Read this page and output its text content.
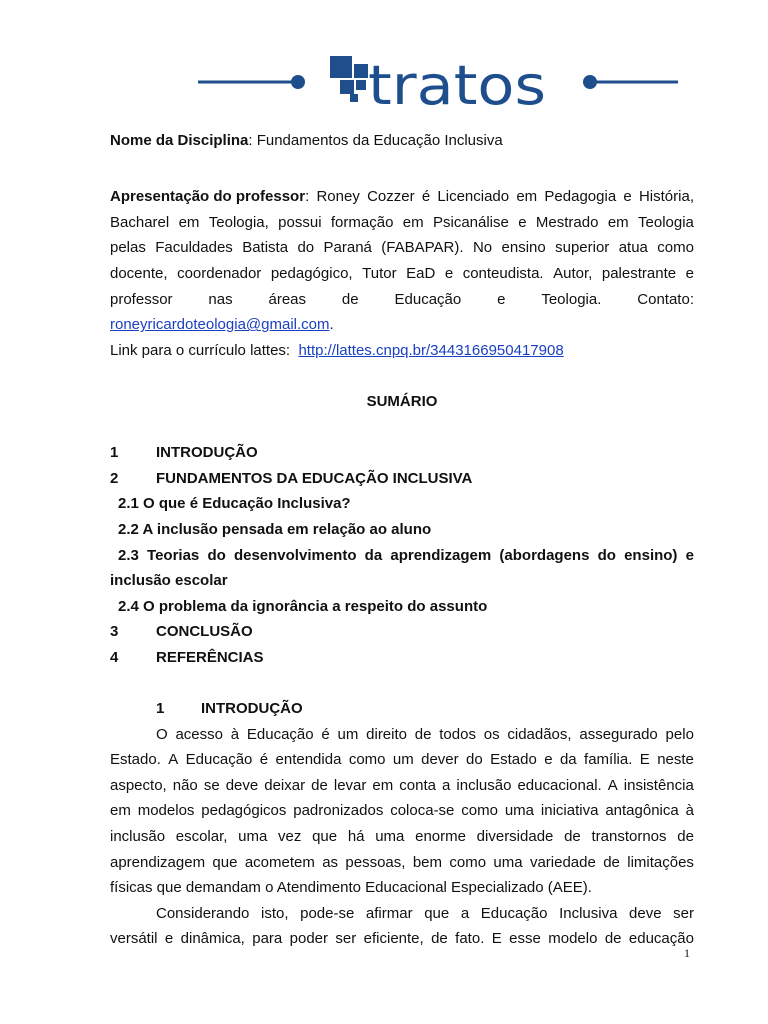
tratos
Nome da Disciplina: Fundamentos da Educação Inclusiva
Apresentação do professor: Roney Cozzer é Licenciado em Pedagogia e História,
Bacharel em Teologia, possui formação em Psicanálise e Mestrado em Teologia
pelas Faculdades Batista do Paraná (FABAPAR). No ensino superior atua como
docente, coordenador pedagógico, Tutor EaD e conteudista. Autor, palestrante e
professor nas áreas de Educação e Teologia. Contato:
roneyricardoteologia@gmail.com.
Link para o currículo lattes: http://lattes.cnpq.br/3443166950417908
SUMÁRIO
1	INTRODUÇÃO
2	FUNDAMENTOS DA EDUCAÇÃO INCLUSIVA
2.1 O que é Educação Inclusiva?
2.2 A inclusão pensada em relação ao aluno
2.3 Teorias do desenvolvimento da aprendizagem (abordagens do ensino) e
inclusão escolar
2.4 O problema da ignorância a respeito do assunto
3	CONCLUSÃO
4	REFERÊNCIAS
1	INTRODUÇÃO
O acesso à Educação é um direito de todos os cidadãos, assegurado pelo
Estado. A Educação é entendida como um dever do Estado e da família. E neste
aspecto, não se deve deixar de levar em conta a inclusão educacional. A insistência
em modelos pedagógicos padronizados coloca-se como uma iniciativa antagônica à
inclusão escolar, uma vez que há uma enorme diversidade de transtornos de
aprendizagem que acometem as pessoas, bem como uma variedade de limitações
físicas que demandam o Atendimento Educacional Especializado (AEE).
Considerando isto, pode-se afirmar que a Educação Inclusiva deve ser
versátil e dinâmica, para poder ser eficiente, de fato. E esse modelo de educação
1
